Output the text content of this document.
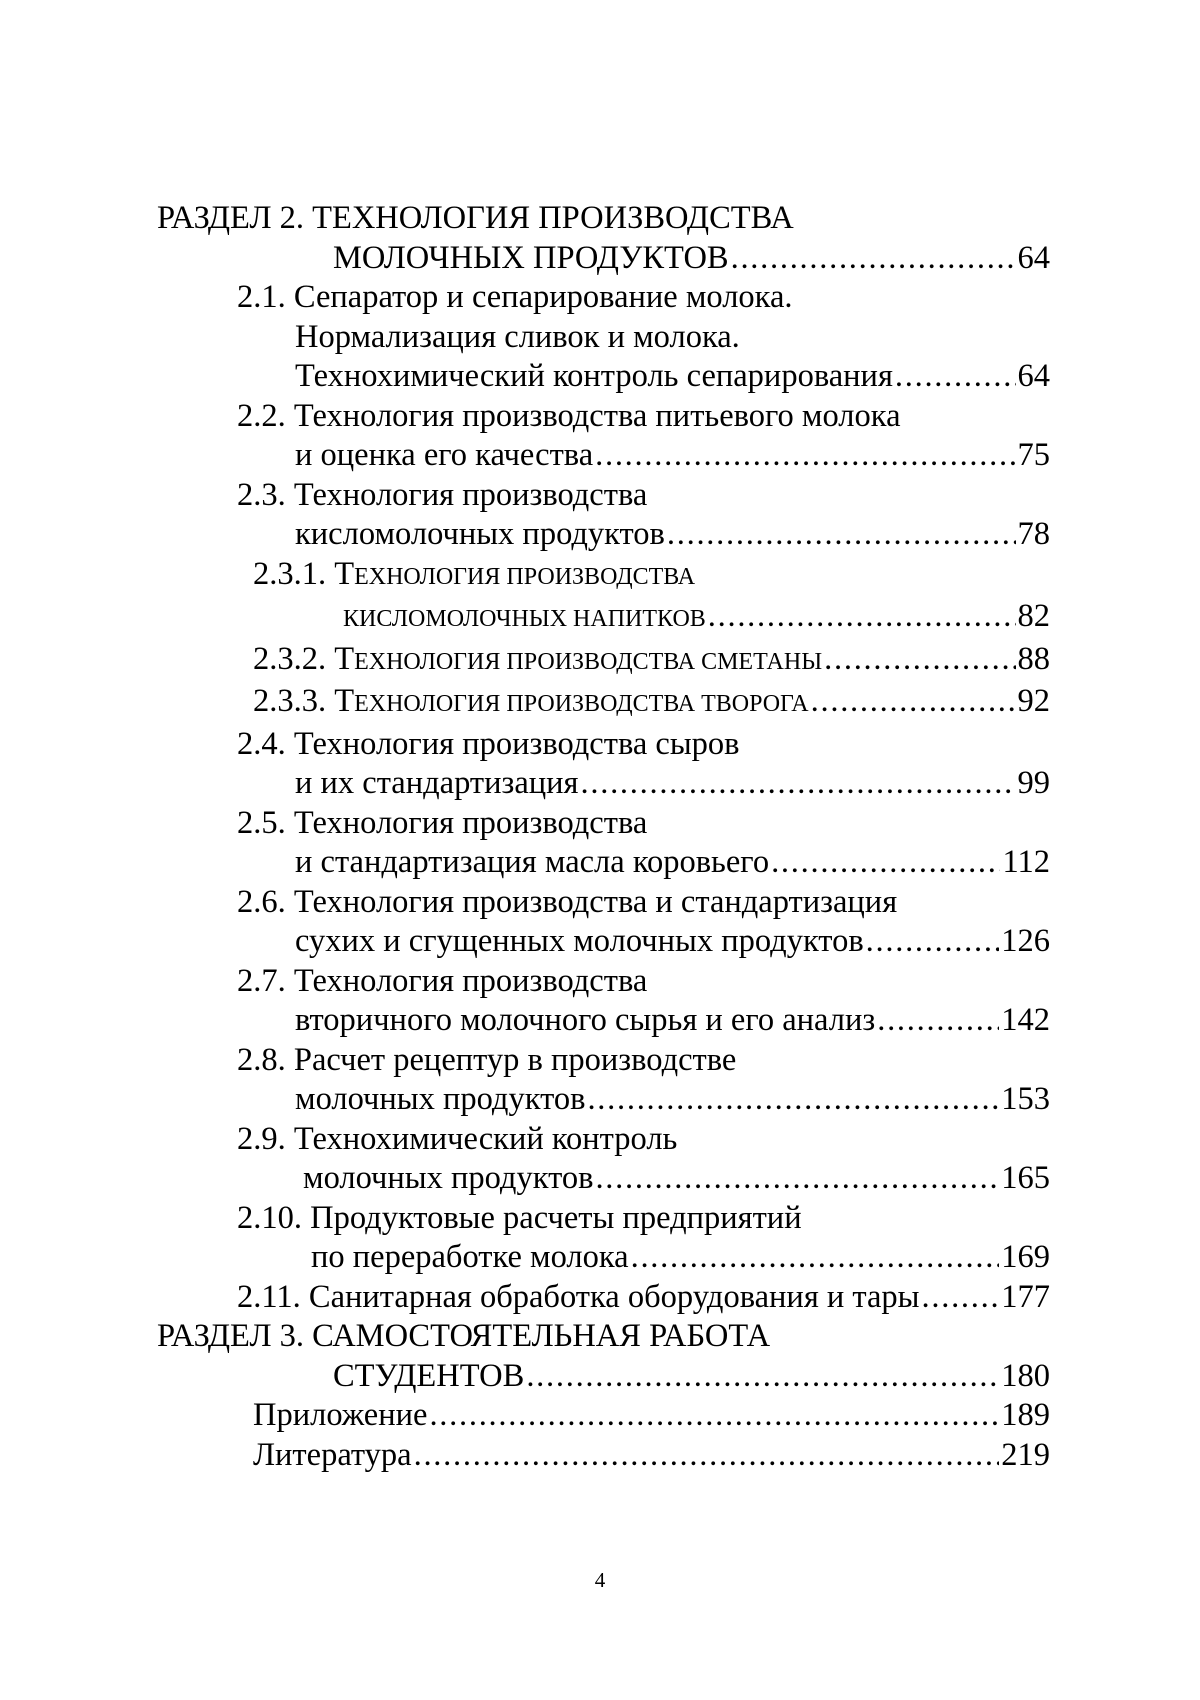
РАЗДЕЛ 2. ТЕХНОЛОГИЯ ПРОИЗВОДСТВА
МОЛОЧНЫХ ПРОДУКТОВ . . .	64
2.1.
Сепаратор и сепарирование молока.
Нормализация сливок и молока.
Технохимический контроль сепарирования . . .	64
2.2.
Технология производства питьевого молока
и оценка его качества . . .	75
2.3.
Технология производства
кисломолочных продуктов . . .	78
2.3.1.
ТЕХНОЛОГИЯ ПРОИЗВОДСТВА
КИСЛОМОЛОЧНЫХ НАПИТКОВ . . .	82
2.3.2.
ТЕХНОЛОГИЯ ПРОИЗВОДСТВА СМЕТАНЫ . . .	88
2.3.3.
ТЕХНОЛОГИЯ ПРОИЗВОДСТВА ТВОРОГА . . .	92
2.4.
Технология производства сыров
и их стандартизация . . .	99
2.5.
Технология производства
и стандартизация масла коровьего . . .	112
2.6.
Технология производства и стандартизация
сухих и сгущенных молочных продуктов . . .	126
2.7.
Технология производства
вторичного молочного сырья и его анализ . . .	142
2.8.
Расчет рецептур в производстве
молочных продуктов . . .	153
2.9.
Технохимический контроль
молочных продуктов . . .	165
2.10.
Продуктовые расчеты предприятий
по переработке молока . . .	169
2.11.
Санитарная обработка оборудования и тары . . .	177
РАЗДЕЛ 3. САМОСТОЯТЕЛЬНАЯ РАБОТА
СТУДЕНТОВ . . .	180
Приложение . . .	189
Литература . . .	219
4
